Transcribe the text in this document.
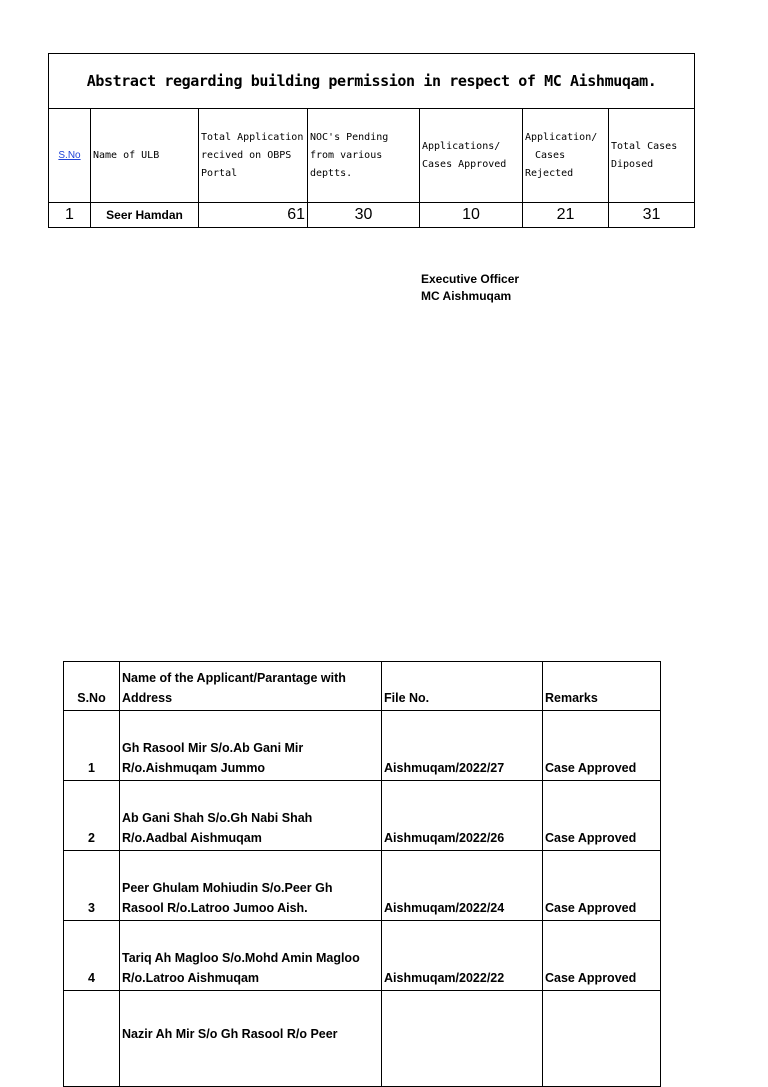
Abstract regarding building permission in respect of MC Aishmuqam.						
S.No	Name of ULB	Total Application
recived on OBPS
Portal	NOC's Pending
from various
deptts.	Applications/
Cases Approved	Application/
Cases
Rejected	Total Cases
Diposed
1	Seer Hamdan	61	30	10	21	31
Executive Officer
MC Aishmuqam
S.No	Name of the Applicant/Parantage with
Address	File No.	Remarks
1	Gh Rasool Mir S/o.Ab Gani Mir
R/o.Aishmuqam Jummo	Aishmuqam/2022/27	Case Approved
2	Ab Gani Shah S/o.Gh Nabi Shah
R/o.Aadbal Aishmuqam	Aishmuqam/2022/26	Case Approved
3	Peer Ghulam Mohiudin S/o.Peer Gh
Rasool R/o.Latroo Jumoo Aish.	Aishmuqam/2022/24	Case Approved
4	Tariq Ah Magloo S/o.Mohd Amin Magloo
R/o.Latroo Aishmuqam	Aishmuqam/2022/22	Case Approved
	Nazir Ah Mir S/o Gh Rasool R/o Peer		
